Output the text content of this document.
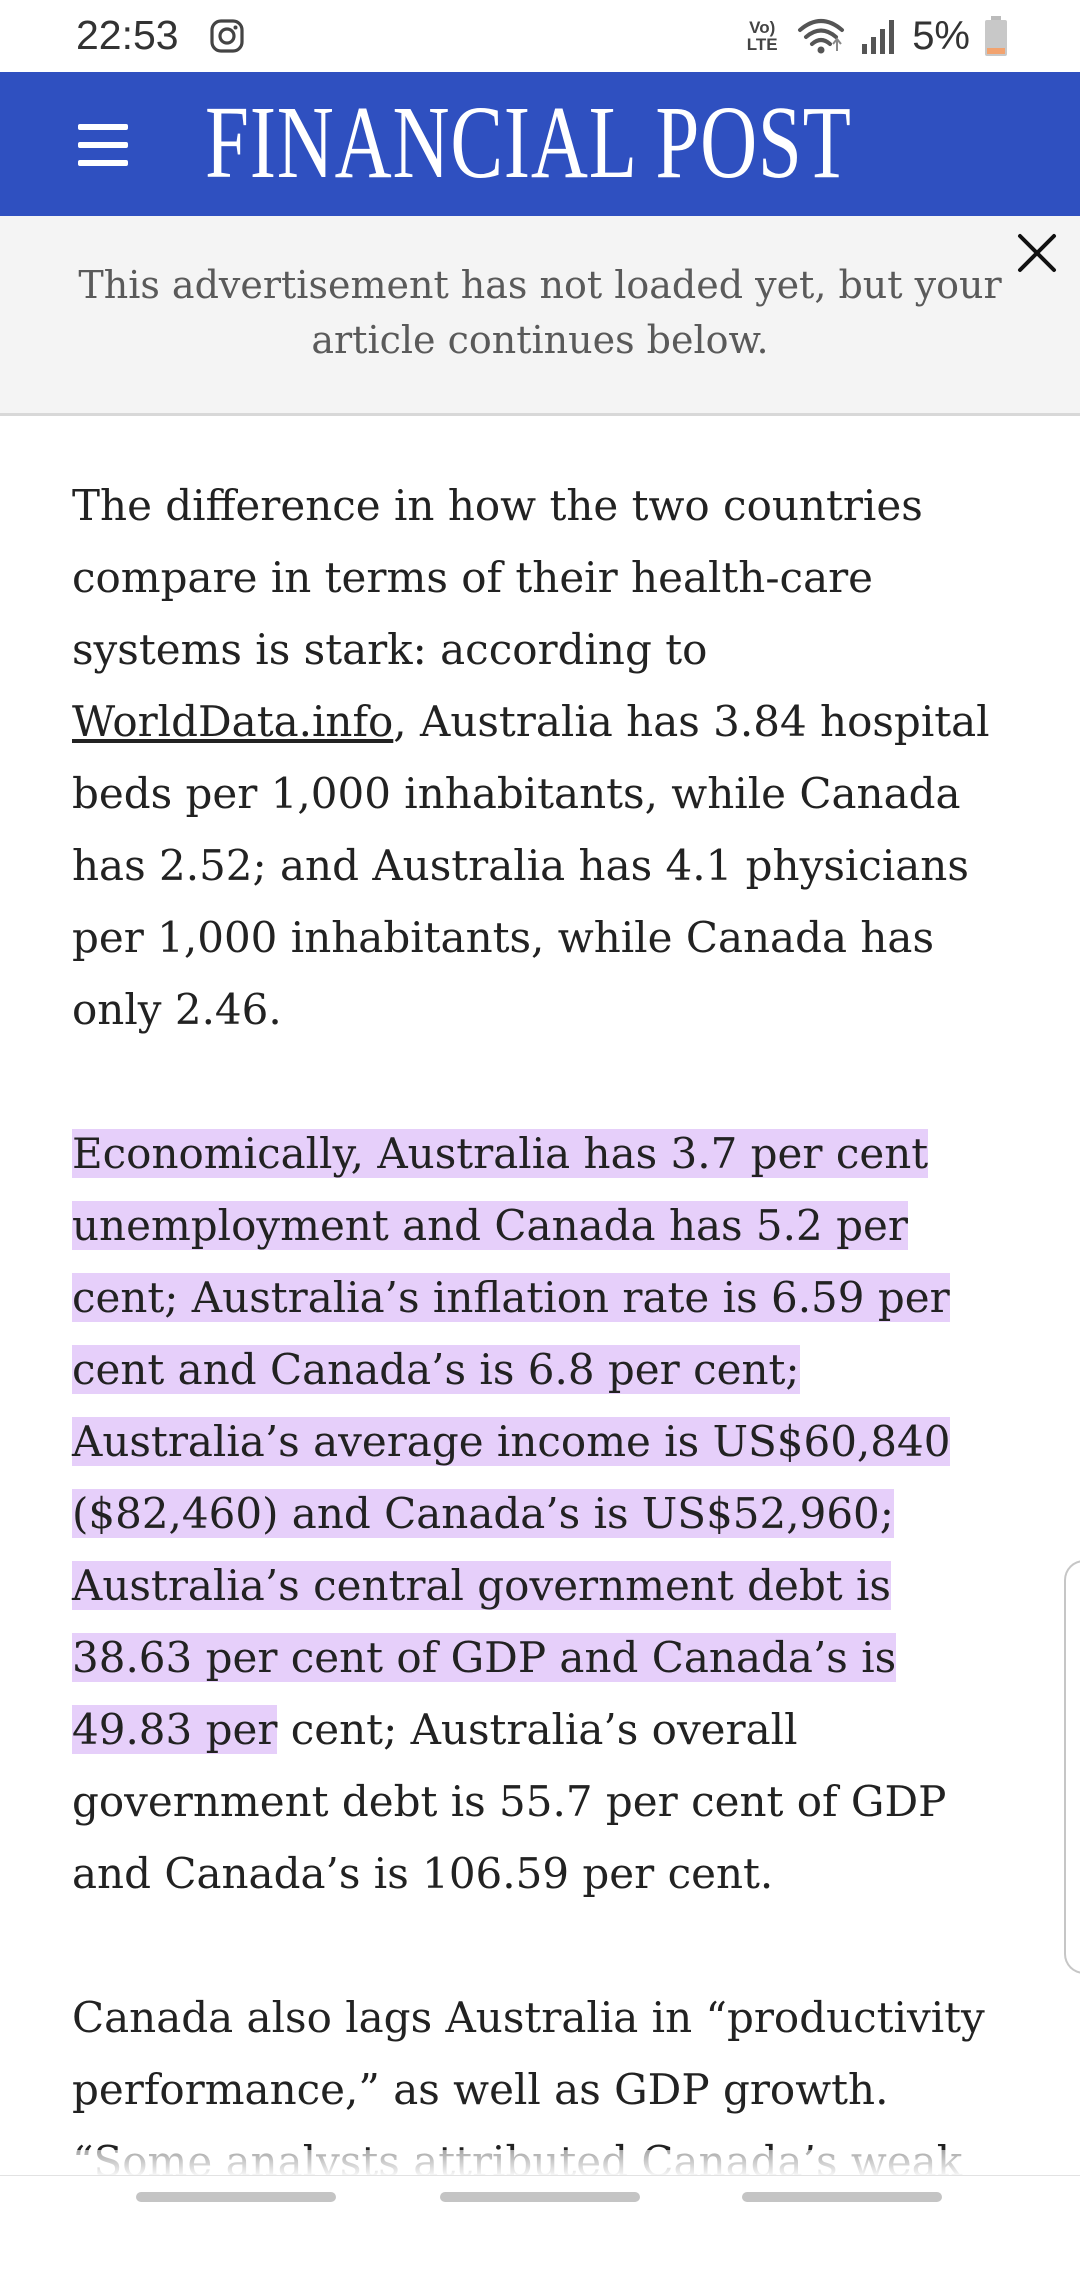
22:53	Vo)
LTE	5%
FINANCIAL POST
This advertisement has not loaded yet, but your article continues below.

The difference in how the two countries compare in terms of their health-care systems is stark: according to WorldData.info, Australia has 3.84 hospital beds per 1,000 inhabitants, while Canada has 2.52; and Australia has 4.1 physicians per 1,000 inhabitants, while Canada has only 2.46.

Economically, Australia has 3.7 per cent unemployment and Canada has 5.2 per cent; Australia’s inflation rate is 6.59 per cent and Canada’s is 6.8 per cent; Australia’s average income is US$60,840 ($82,460) and Canada’s is US$52,960; Australia’s central government debt is 38.63 per cent of GDP and Canada’s is 49.83 per cent; Australia’s overall government debt is 55.7 per cent of GDP and Canada’s is 106.59 per cent.

Canada also lags Australia in “productivity performance,” as well as GDP growth.
